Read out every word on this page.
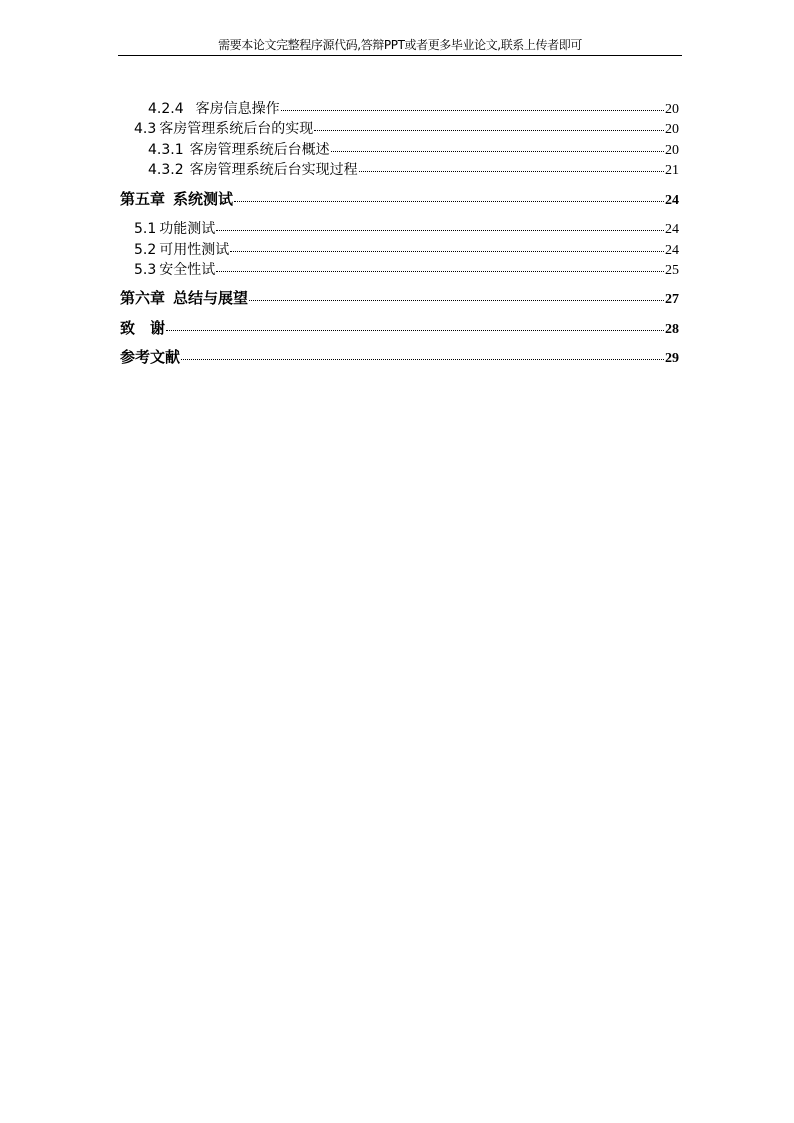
需要本论文完整程序源代码,答辩PPT或者更多毕业论文,联系上传者即可
4.2.4 客房信息操作	20
4.3 客房管理系统后台的实现	20
4.3.1 客房管理系统后台概述	20
4.3.2 客房管理系统后台实现过程	21
第五章 系统测试	24
5.1 功能测试	24
5.2 可用性测试	24
5.3 安全性试	25
第六章 总结与展望	27
致　谢	28
参考文献	29
